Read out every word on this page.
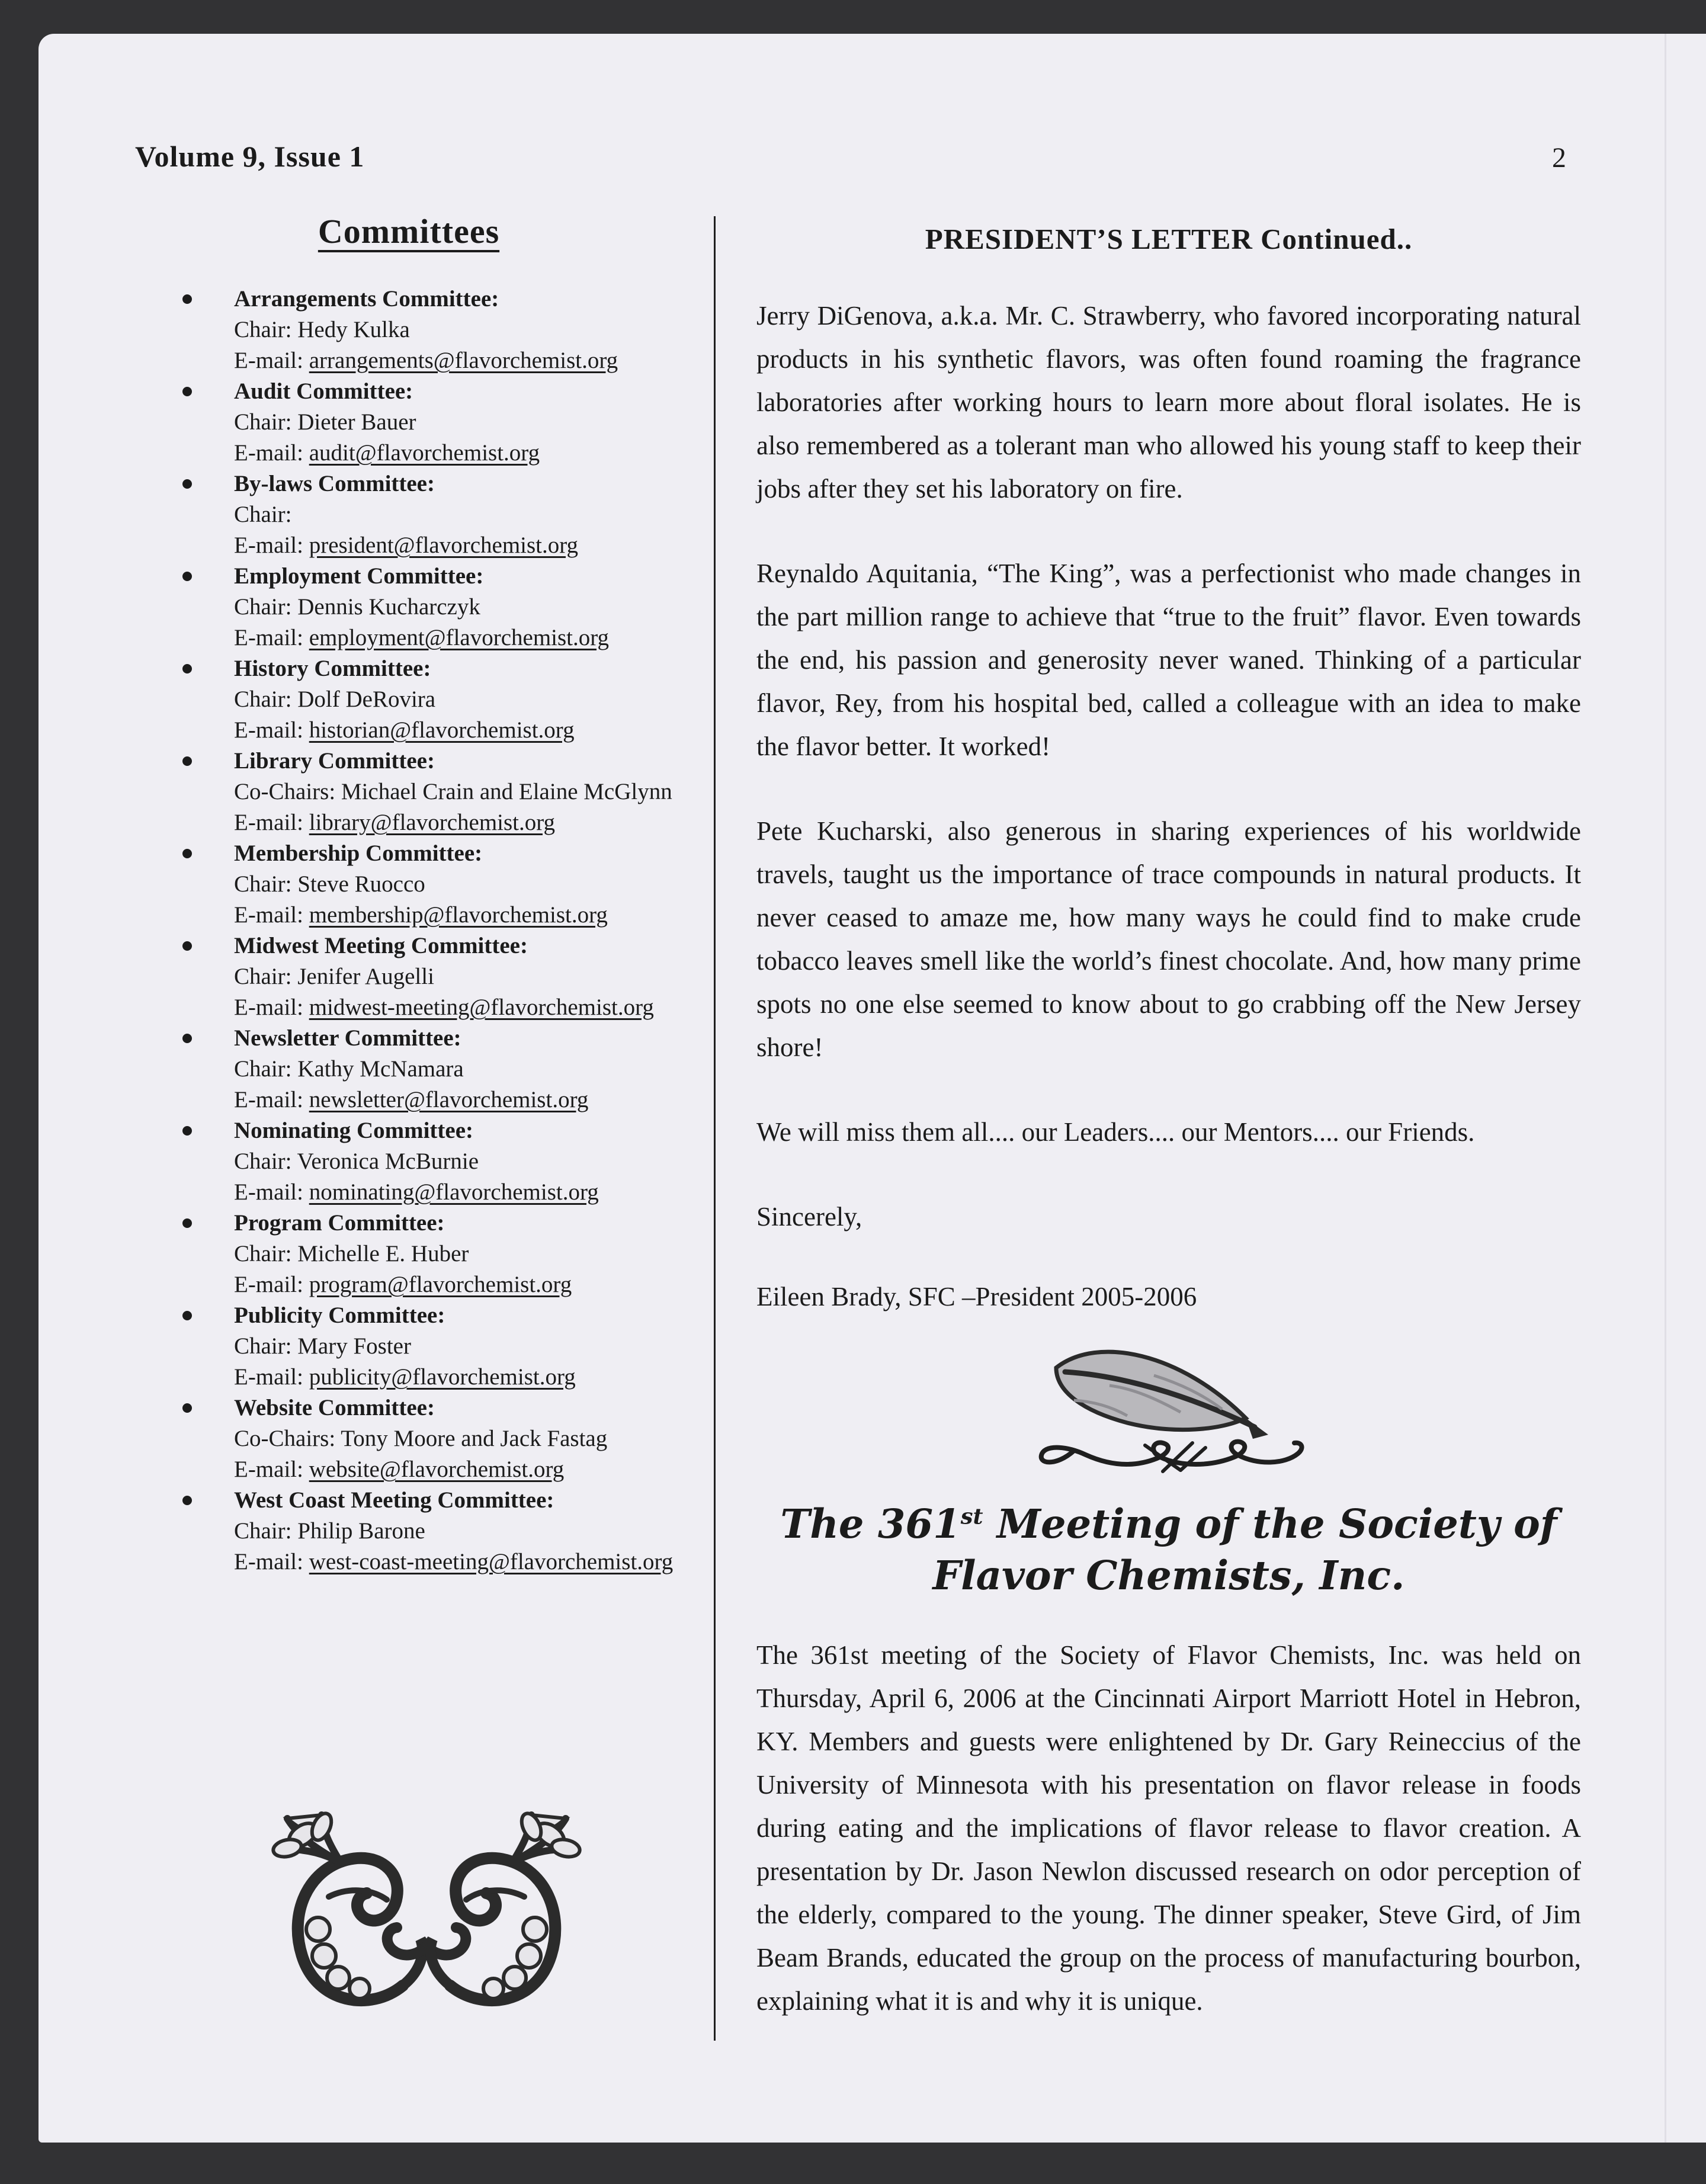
Volume 9, Issue 1	2
Committees
Arrangements Committee:
Chair: Hedy Kulka
E-mail: arrangements@flavorchemist.org
Audit Committee:
Chair: Dieter Bauer
E-mail: audit@flavorchemist.org
By-laws Committee:
Chair:
E-mail: president@flavorchemist.org
Employment Committee:
Chair: Dennis Kucharczyk
E-mail: employment@flavorchemist.org
History Committee:
Chair: Dolf DeRovira
E-mail: historian@flavorchemist.org
Library Committee:
Co-Chairs: Michael Crain and Elaine McGlynn
E-mail: library@flavorchemist.org
Membership Committee:
Chair: Steve Ruocco
E-mail: membership@flavorchemist.org
Midwest Meeting Committee:
Chair: Jenifer Augelli
E-mail: midwest-meeting@flavorchemist.org
Newsletter Committee:
Chair: Kathy McNamara
E-mail: newsletter@flavorchemist.org
Nominating Committee:
Chair: Veronica McBurnie
E-mail: nominating@flavorchemist.org
Program Committee:
Chair: Michelle E. Huber
E-mail: program@flavorchemist.org
Publicity Committee:
Chair: Mary Foster
E-mail: publicity@flavorchemist.org
Website Committee:
Co-Chairs: Tony Moore and Jack Fastag
E-mail: website@flavorchemist.org
West Coast Meeting Committee:
Chair: Philip Barone
E-mail: west-coast-meeting@flavorchemist.org
PRESIDENT’S LETTER Continued..

Jerry DiGenova, a.k.a. Mr. C. Strawberry, who favored incorporating natural products in his synthetic flavors, was often found roaming the fragrance laboratories after working hours to learn more about floral isolates. He is also remembered as a tolerant man who allowed his young staff to keep their jobs after they set his laboratory on fire.

Reynaldo Aquitania, “The King”, was a perfectionist who made changes in the part million range to achieve that “true to the fruit” flavor. Even towards the end, his passion and generosity never waned. Thinking of a particular flavor, Rey, from his hospital bed, called a colleague with an idea to make the flavor better. It worked!

Pete Kucharski, also generous in sharing experiences of his worldwide travels, taught us the importance of trace compounds in natural products. It never ceased to amaze me, how many ways he could find to make crude tobacco leaves smell like the world’s finest chocolate. And, how many prime spots no one else seemed to know about to go crabbing off the New Jersey shore!

We will miss them all.... our Leaders.... our Mentors.... our Friends.

Sincerely,

Eileen Brady, SFC –President 2005-2006

The 361st Meeting of the Society of Flavor Chemists, Inc.

The 361st meeting of the Society of Flavor Chemists, Inc. was held on Thursday, April 6, 2006 at the Cincinnati Airport Marriott Hotel in Hebron, KY. Members and guests were enlightened by Dr. Gary Reineccius of the University of Minnesota with his presentation on flavor release in foods during eating and the implications of flavor release to flavor creation. A presentation by Dr. Jason Newlon discussed research on odor perception of the elderly, compared to the young. The dinner speaker, Steve Gird, of Jim Beam Brands, educated the group on the process of manufacturing bourbon, explaining what it is and why it is unique.
